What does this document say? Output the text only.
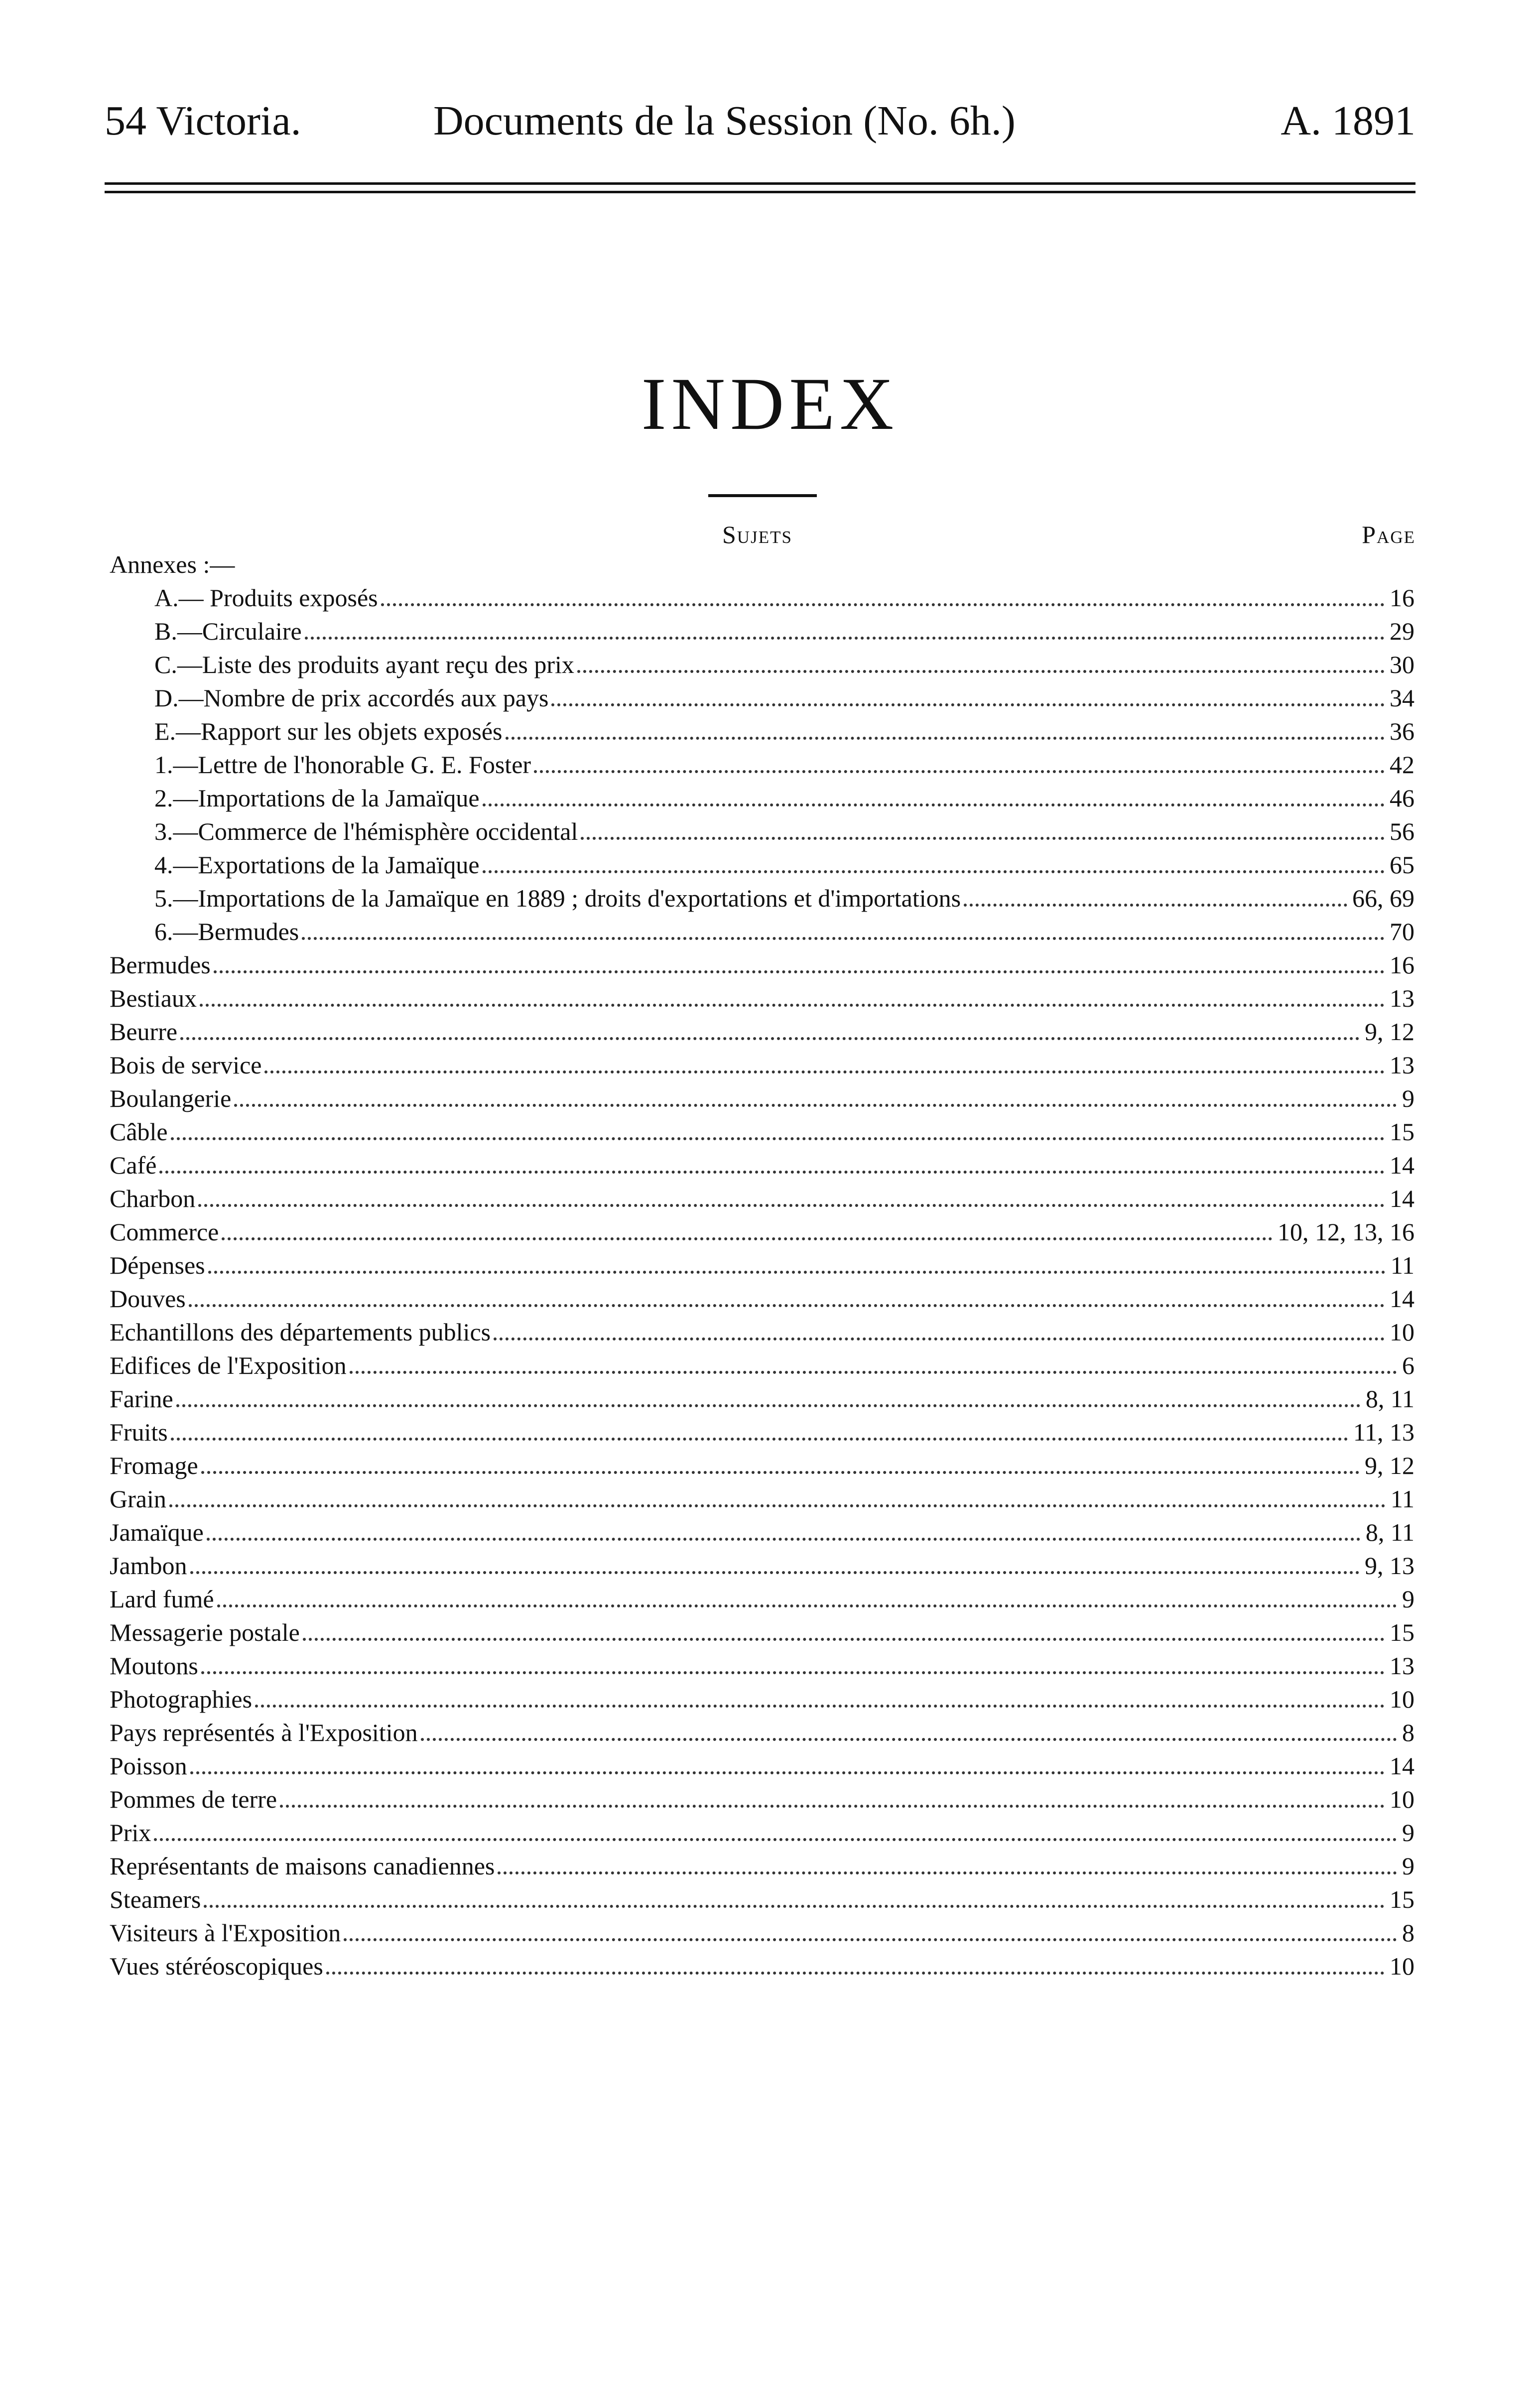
54 Victoria.	Documents de la Session (No. 6h.)	A. 1891
INDEX
Sujets	Page
Annexes :—
A.— Produits exposés	16
B.—Circulaire	29
C.—Liste des produits ayant reçu des prix	30
D.—Nombre de prix accordés aux pays	34
E.—Rapport sur les objets exposés	36
1.—Lettre de l'honorable G. E. Foster	42
2.—Importations de la Jamaïque	46
3.—Commerce de l'hémisphère occidental	56
4.—Exportations de la Jamaïque	65
5.—Importations de la Jamaïque en 1889 ; droits d'exportations et d'importations	66, 69
6.—Bermudes	70
Bermudes	16
Bestiaux	13
Beurre	9, 12
Bois de service	13
Boulangerie	9
Câble	15
Café	14
Charbon	14
Commerce	10, 12, 13, 16
Dépenses	11
Douves	14
Echantillons des départements publics	10
Edifices de l'Exposition	6
Farine	8, 11
Fruits	11, 13
Fromage	9, 12
Grain	11
Jamaïque	8, 11
Jambon	9, 13
Lard fumé	9
Messagerie postale	15
Moutons	13
Photographies	10
Pays représentés à l'Exposition	8
Poisson	14
Pommes de terre	10
Prix	9
Représentants de maisons canadiennes	9
Steamers	15
Visiteurs à l'Exposition	8
Vues stéréoscopiques	10
